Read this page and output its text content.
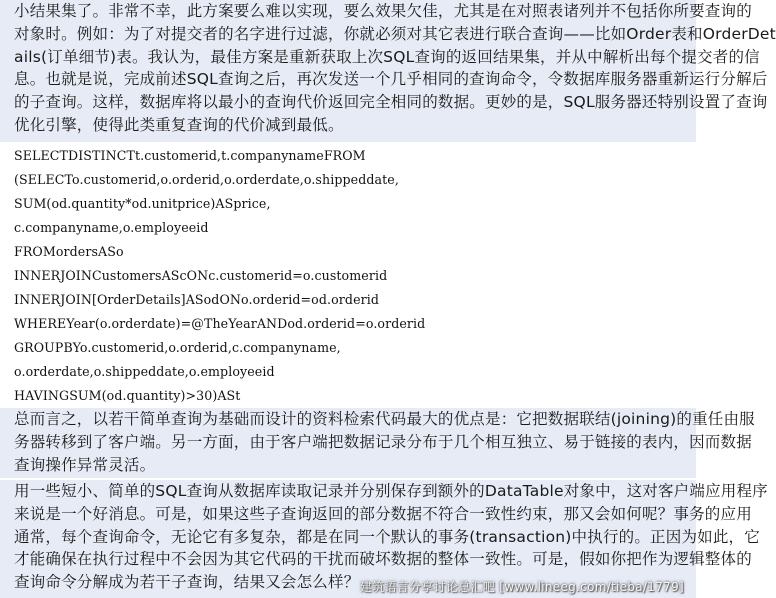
小结果集了。非常不幸，此方案要么难以实现，要么效果欠佳，尤其是在对照表诸列并不包括你所要查询的
对象时。例如：为了对提交者的名字进行过滤，你就必须对其它表进行联合查询——比如Order表和OrderDet
ails(订单细节)表。我认为，最佳方案是重新获取上次SQL查询的返回结果集，并从中解析出每个提交者的信
息。也就是说，完成前述SQL查询之后，再次发送一个几乎相同的查询命令，令数据库服务器重新运行分解后
的子查询。这样，数据库将以最小的查询代价返回完全相同的数据。更妙的是，SQL服务器还特别设置了查询
优化引擎，使得此类重复查询的代价减到最低。
SELECTDISTINCTt.customerid,t.companynameFROM
(SELECTo.customerid,o.orderid,o.orderdate,o.shippeddate,
SUM(od.quantity*od.unitprice)ASprice,
c.companyname,o.employeeid
FROMordersASo
INNERJOINCustomersAScONc.customerid=o.customerid
INNERJOIN[OrderDetails]ASodONo.orderid=od.orderid
WHEREYear(o.orderdate)=@TheYearANDod.orderid=o.orderid
GROUPBYo.customerid,o.orderid,c.companyname,
o.orderdate,o.shippeddate,o.employeeid
HAVINGSUM(od.quantity)>30)ASt
总而言之，以若干简单查询为基础而设计的资料检索代码最大的优点是：它把数据联结(joining)的重任由服
务器转移到了客户端。另一方面，由于客户端把数据记录分布于几个相互独立、易于链接的表内，因而数据
查询操作异常灵活。
用一些短小、简单的SQL查询从数据库读取记录并分别保存到额外的DataTable对象中，这对客户端应用程序
来说是一个好消息。可是，如果这些子查询返回的部分数据不符合一致性约束，那又会如何呢？事务的应用
通常，每个查询命令，无论它有多复杂，都是在同一个默认的事务(transaction)中执行的。正因为如此，它
才能确保在执行过程中不会因为其它代码的干扰而破坏数据的整体一致性。可是，假如你把作为逻辑整体的
查询命令分解成为若干子查询，结果又会怎么样？ 建筑语言分享讨论总汇吧 [www.lineeg.com/tieba/1779]
